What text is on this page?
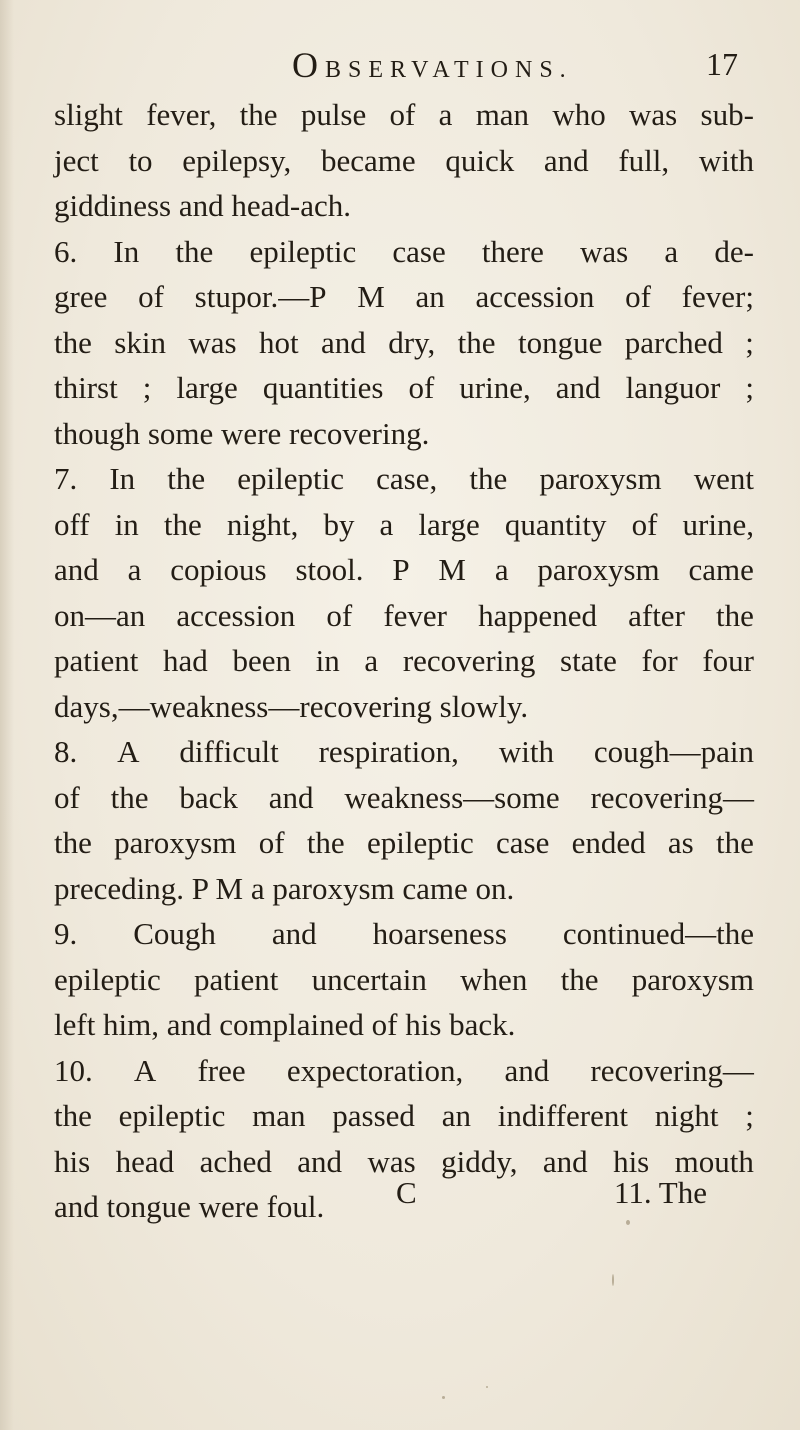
OBSERVATIONS.	17
slight fever, the pulse of a man who was sub-
ject to epilepsy, became quick and full, with
giddiness and head-ach.
6. In the epileptic case there was a de-
gree of stupor.—P M an accession of fever;
the skin was hot and dry, the tongue parched ;
thirst ; large quantities of urine, and languor ;
though some were recovering.
7. In the epileptic case, the paroxysm went
off in the night, by a large quantity of urine,
and a copious stool. P M a paroxysm came
on—an accession of fever happened after the
patient had been in a recovering state for four
days,—weakness—recovering slowly.
8. A difficult respiration, with cough—pain
of the back and weakness—some recovering—
the paroxysm of the epileptic case ended as the
preceding. P M a paroxysm came on.
9. Cough and hoarseness continued—the
epileptic patient uncertain when the paroxysm
left him, and complained of his back.
10. A free expectoration, and recovering—
the epileptic man passed an indifferent night ;
his head ached and was giddy, and his mouth
and tongue were foul.	C	11. The
